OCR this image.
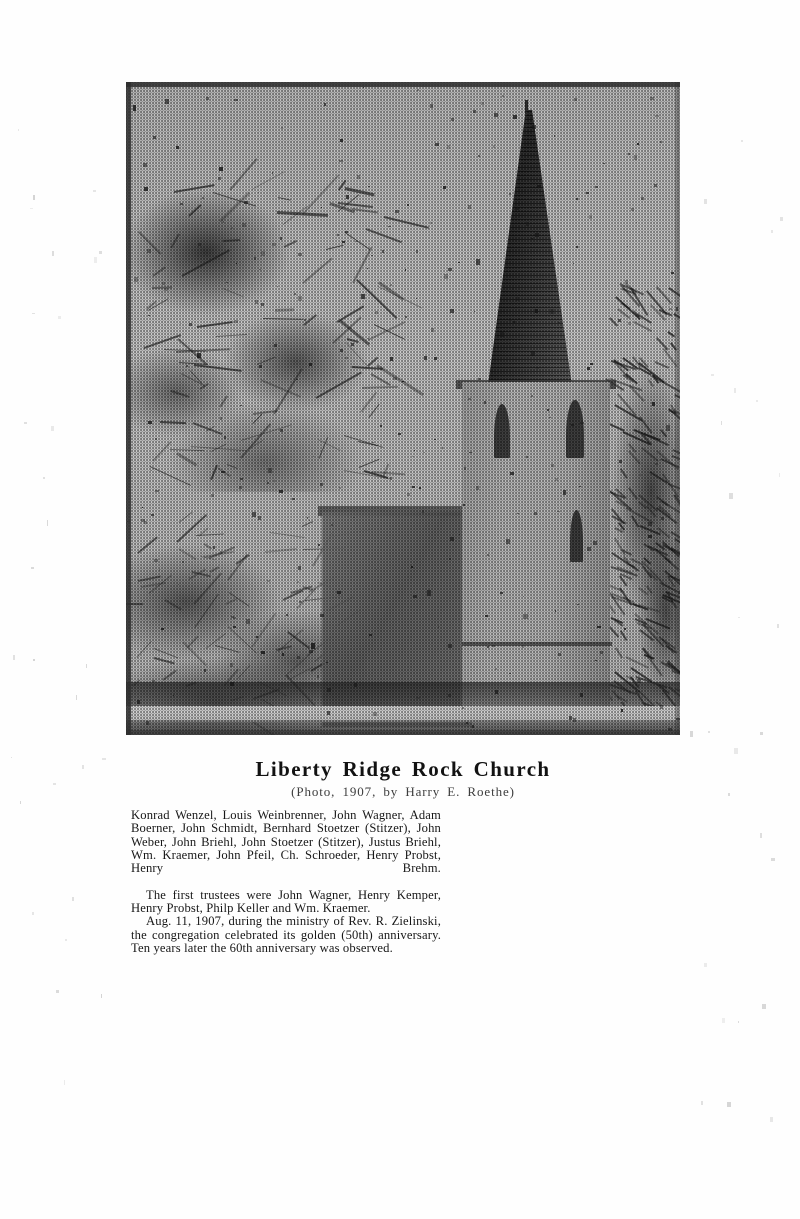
Liberty Ridge Rock Church
(Photo, 1907, by Harry E. Roethe)

Konrad Wenzel, Louis Weinbrenner, John Wagner, Adam Boerner, John Schmidt, Bernhard Stoetzer (Stitzer), John Weber, John Briehl, John Stoetzer (Stitzer), Justus Briehl, Wm. Kraemer, John Pfeil, Ch. Schroeder, Henry Probst, Henry Brehm.

The first trustees were John Wagner, Henry Kemper, Henry Probst, Philp Keller and Wm. Kraemer.

Aug. 11, 1907, during the ministry of Rev. R. Zielinski, the congregation celebrated its golden (50th) anniversary. Ten years later the 60th anniversary was observed.
